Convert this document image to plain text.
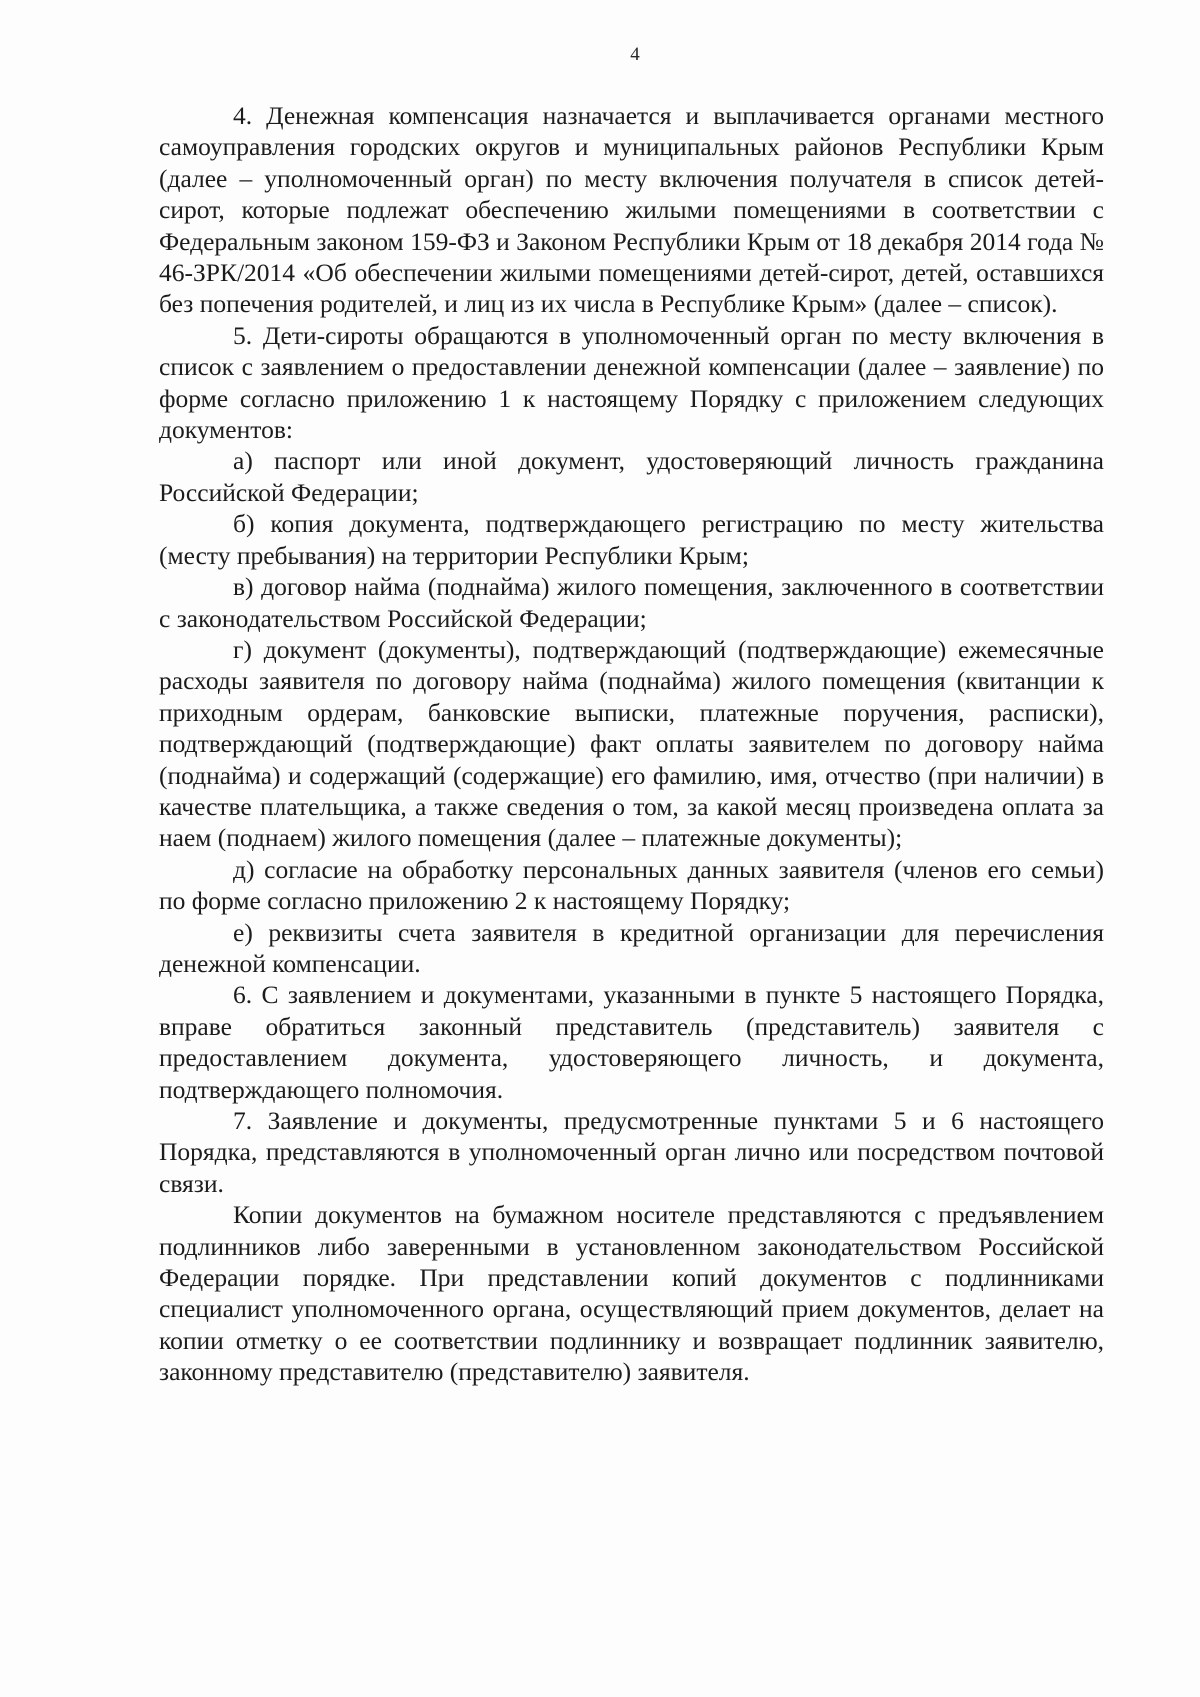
4

4. Денежная компенсация назначается и выплачивается органами местного самоуправления городских округов и муниципальных районов Республики Крым (далее – уполномоченный орган) по месту включения получателя в список детей-сирот, которые подлежат обеспечению жилыми помещениями в соответствии с Федеральным законом 159-ФЗ и Законом Республики Крым от 18 декабря 2014 года № 46-ЗРК/2014 «Об обеспечении жилыми помещениями детей-сирот, детей, оставшихся без попечения родителей, и лиц из их числа в Республике Крым» (далее – список).

5. Дети-сироты обращаются в уполномоченный орган по месту включения в список с заявлением о предоставлении денежной компенсации (далее – заявление) по форме согласно приложению 1 к настоящему Порядку с приложением следующих документов:

а) паспорт или иной документ, удостоверяющий личность гражданина Российской Федерации;

б) копия документа, подтверждающего регистрацию по месту жительства (месту пребывания) на территории Республики Крым;

в) договор найма (поднайма) жилого помещения, заключенного в соответствии с законодательством Российской Федерации;

г) документ (документы), подтверждающий (подтверждающие) ежемесячные расходы заявителя по договору найма (поднайма) жилого помещения (квитанции к приходным ордерам, банковские выписки, платежные поручения, расписки), подтверждающий (подтверждающие) факт оплаты заявителем по договору найма (поднайма) и содержащий (содержащие) его фамилию, имя, отчество (при наличии) в качестве плательщика, а также сведения о том, за какой месяц произведена оплата за наем (поднаем) жилого помещения (далее – платежные документы);

д) согласие на обработку персональных данных заявителя (членов его семьи) по форме согласно приложению 2 к настоящему Порядку;

е) реквизиты счета заявителя в кредитной организации для перечисления денежной компенсации.

6. С заявлением и документами, указанными в пункте 5 настоящего Порядка, вправе обратиться законный представитель (представитель) заявителя с предоставлением документа, удостоверяющего личность, и документа, подтверждающего полномочия.

7. Заявление и документы, предусмотренные пунктами 5 и 6 настоящего Порядка, представляются в уполномоченный орган лично или посредством почтовой связи.

Копии документов на бумажном носителе представляются с предъявлением подлинников либо заверенными в установленном законодательством Российской Федерации порядке. При представлении копий документов с подлинниками специалист уполномоченного органа, осуществляющий прием документов, делает на копии отметку о ее соответствии подлиннику и возвращает подлинник заявителю, законному представителю (представителю) заявителя.
